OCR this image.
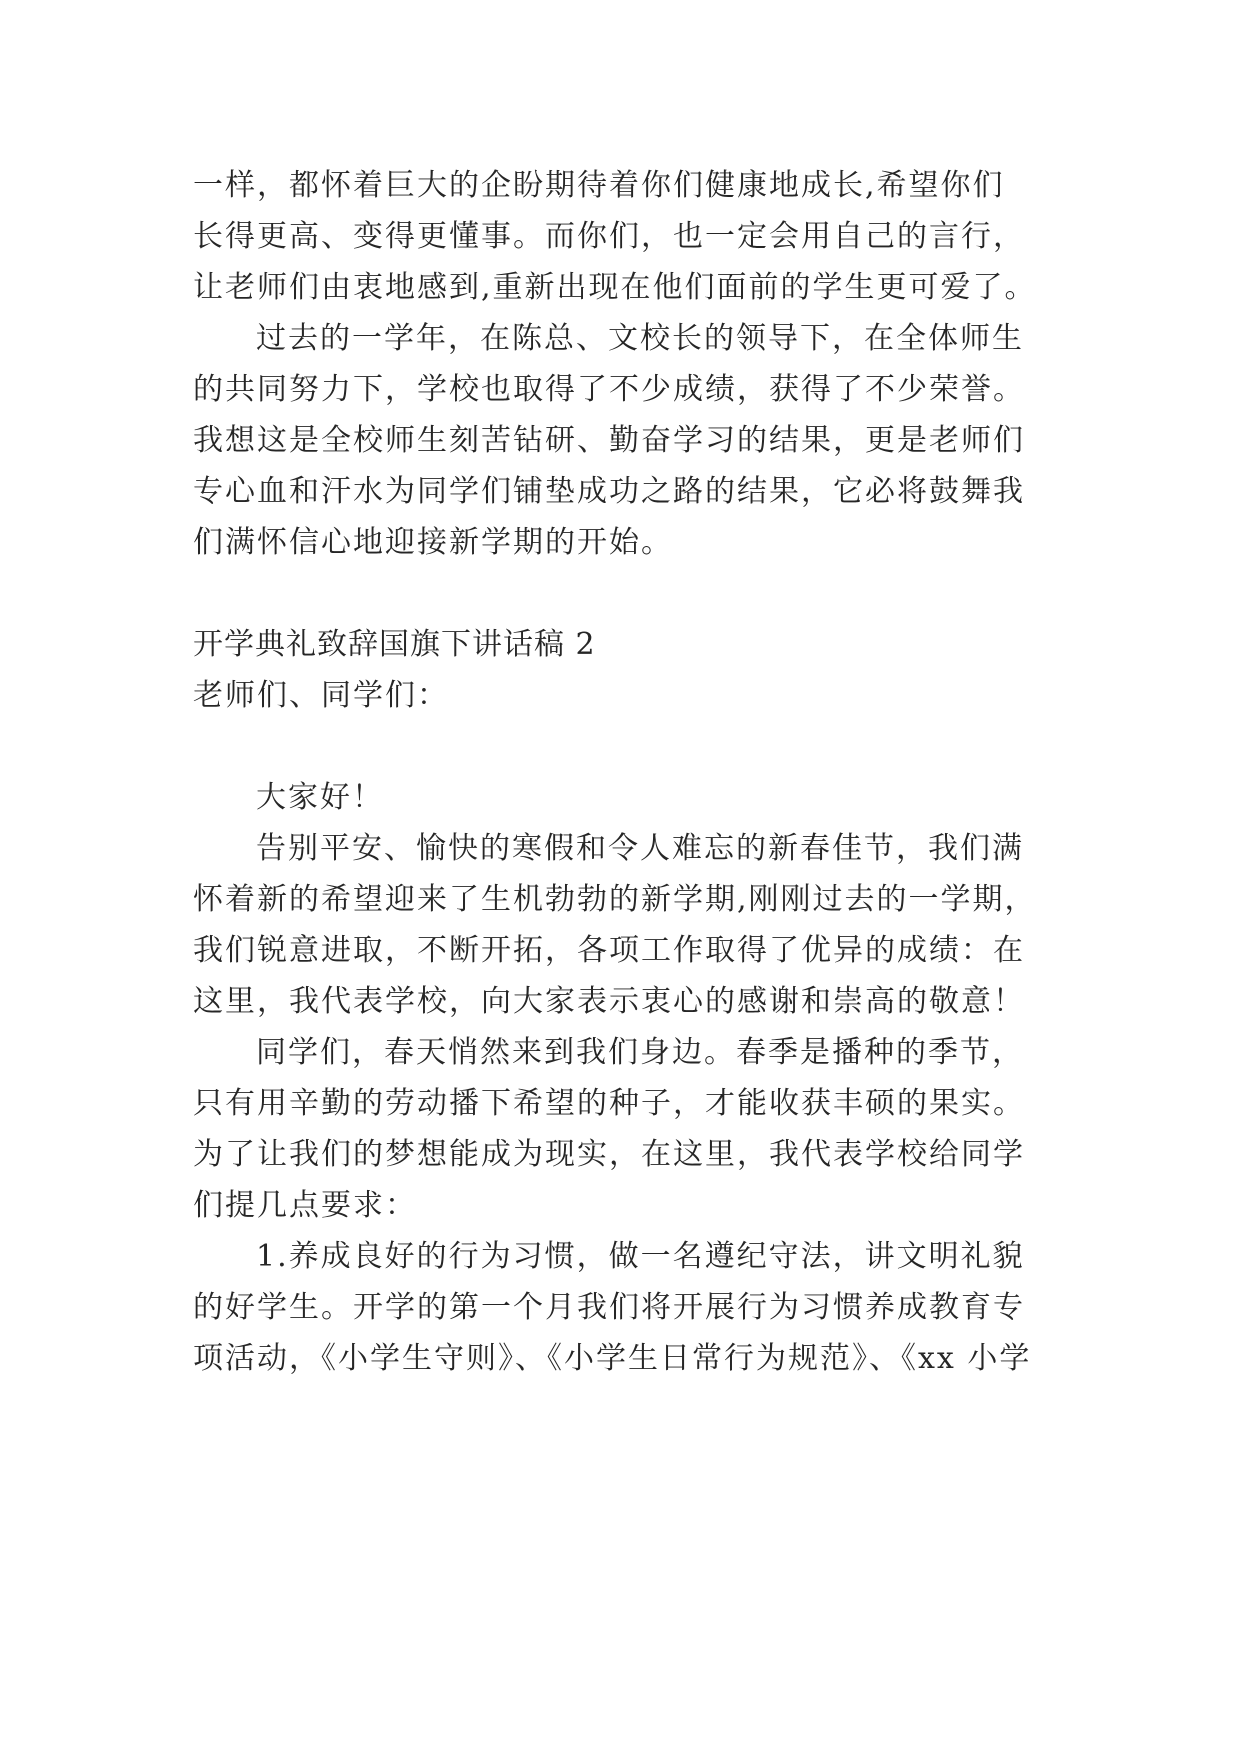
一样，都怀着巨大的企盼期待着你们健康地成长,希望你们
长得更高、变得更懂事。而你们，也一定会用自己的言行，
让老师们由衷地感到,重新出现在他们面前的学生更可爱了。
过去的一学年，在陈总、文校长的领导下，在全体师生
的共同努力下，学校也取得了不少成绩，获得了不少荣誉。
我想这是全校师生刻苦钻研、勤奋学习的结果，更是老师们
专心血和汗水为同学们铺垫成功之路的结果，它必将鼓舞我
们满怀信心地迎接新学期的开始。
开学典礼致辞国旗下讲话稿 2
老师们、同学们：
大家好！
告别平安、愉快的寒假和令人难忘的新春佳节，我们满
怀着新的希望迎来了生机勃勃的新学期,刚刚过去的一学期，
我们锐意进取，不断开拓，各项工作取得了优异的成绩：在
这里，我代表学校，向大家表示衷心的感谢和崇高的敬意！
同学们，春天悄然来到我们身边。春季是播种的季节，
只有用辛勤的劳动播下希望的种子，才能收获丰硕的果实。
为了让我们的梦想能成为现实，在这里，我代表学校给同学
们提几点要求：
1.养成良好的行为习惯，做一名遵纪守法，讲文明礼貌
的好学生。开学的第一个月我们将开展行为习惯养成教育专
项活动，《小学生守则》、《小学生日常行为规范》、《xx 小学
